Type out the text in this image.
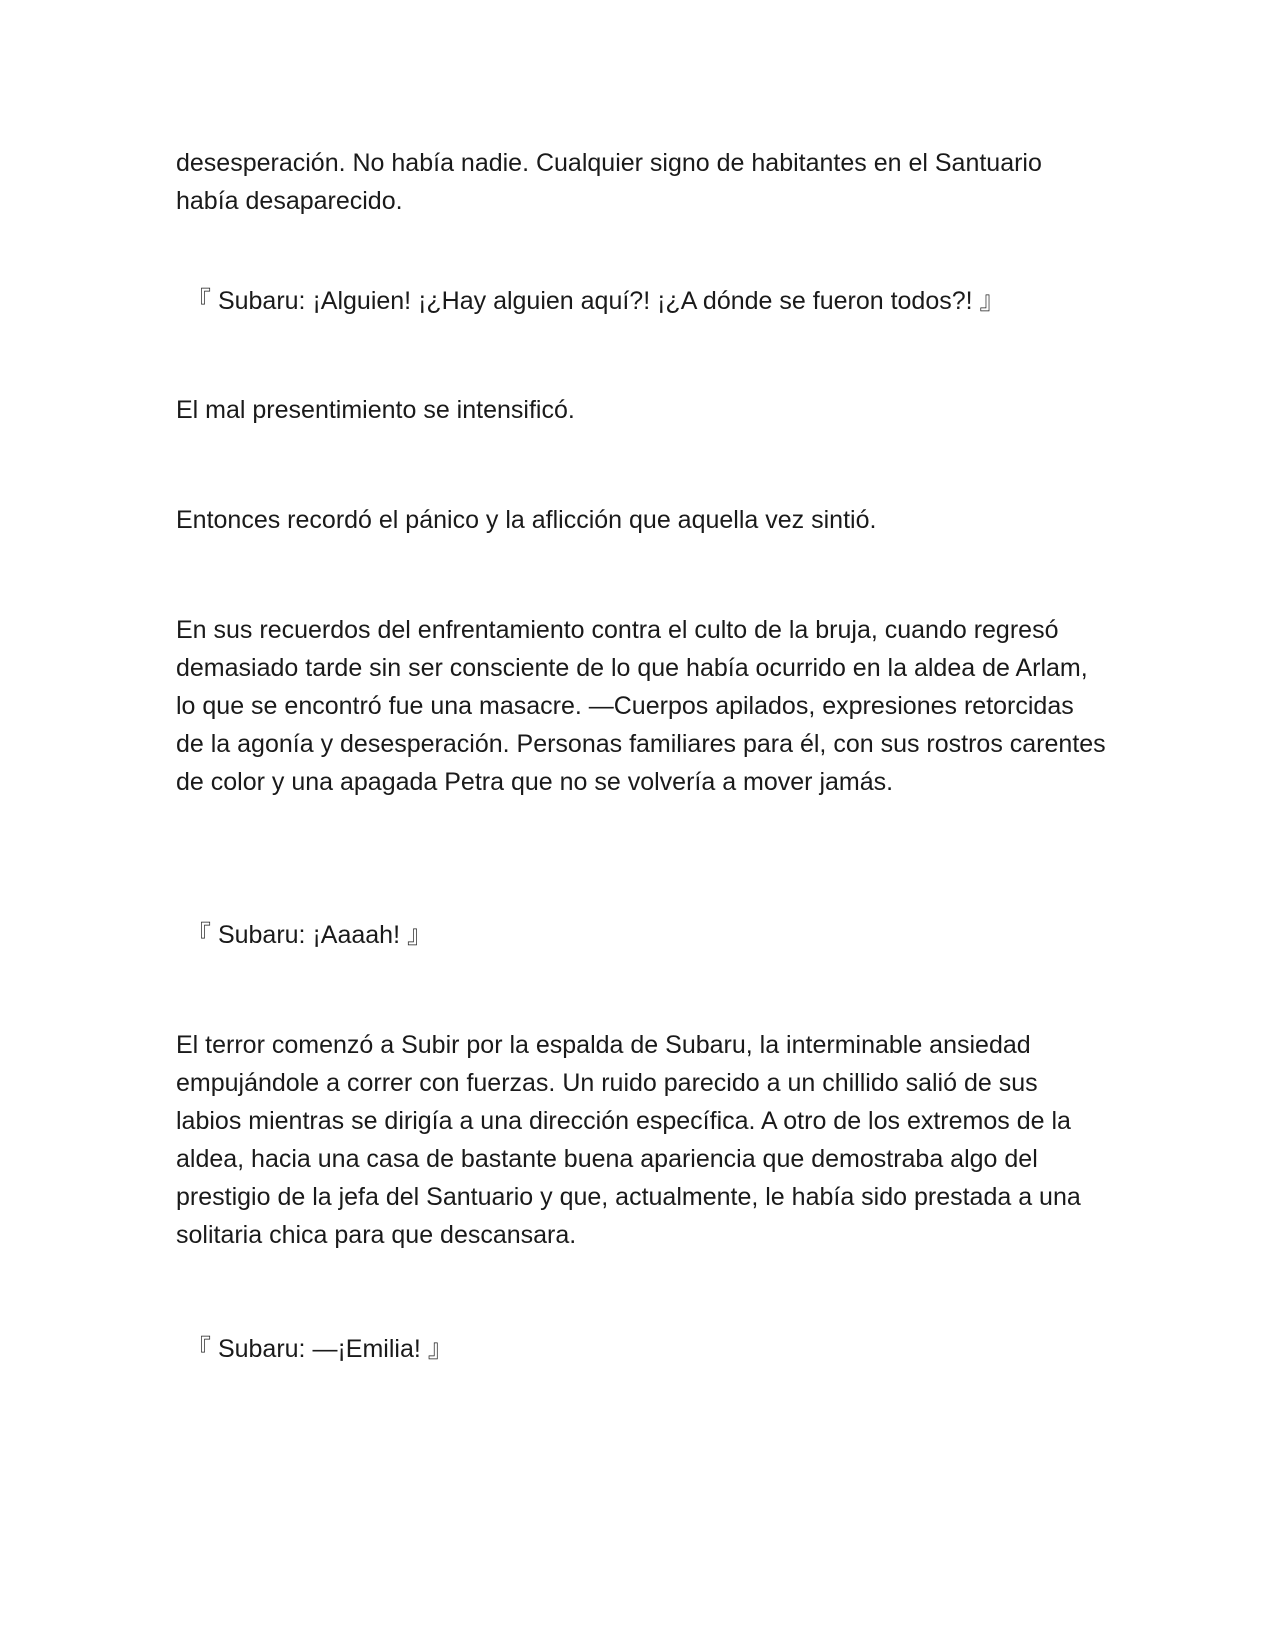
desesperación. No había nadie. Cualquier signo de habitantes en el Santuario había desaparecido.

『 Subaru: ¡Alguien! ¡¿Hay alguien aquí?! ¡¿A dónde se fueron todos?! 』

El mal presentimiento se intensificó.

Entonces recordó el pánico y la aflicción que aquella vez sintió.

En sus recuerdos del enfrentamiento contra el culto de la bruja, cuando regresó demasiado tarde sin ser consciente de lo que había ocurrido en la aldea de Arlam, lo que se encontró fue una masacre. —Cuerpos apilados, expresiones retorcidas de la agonía y desesperación. Personas familiares para él, con sus rostros carentes de color y una apagada Petra que no se volvería a mover jamás.

『 Subaru: ¡Aaaah! 』

El terror comenzó a Subir por la espalda de Subaru, la interminable ansiedad empujándole a correr con fuerzas. Un ruido parecido a un chillido salió de sus labios mientras se dirigía a una dirección específica. A otro de los extremos de la aldea, hacia una casa de bastante buena apariencia que demostraba algo del prestigio de la jefa del Santuario y que, actualmente, le había sido prestada a una solitaria chica para que descansara.

『 Subaru: —¡Emilia! 』
